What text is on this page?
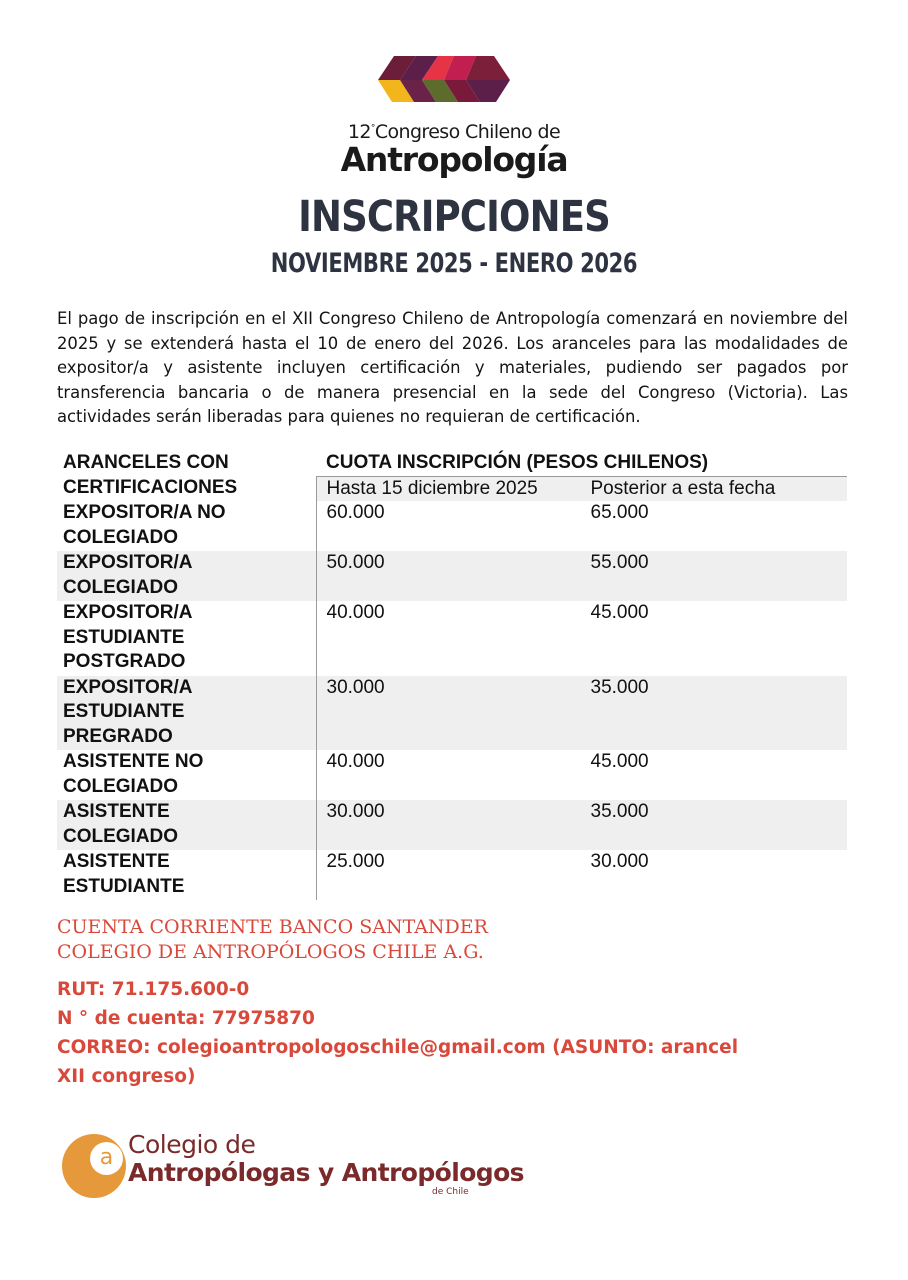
12°Congreso Chileno de
Antropología
INSCRIPCIONES
NOVIEMBRE 2025 - ENERO 2026
El pago de inscripción en el XII Congreso Chileno de Antropología comenzará en noviembre del 2025 y se extenderá hasta el 10 de enero del 2026. Los aranceles para las modalidades de expositor/a y asistente incluyen certificación y materiales, pudiendo ser pagados por transferencia bancaria o de manera presencial en la sede del Congreso (Victoria). Las actividades serán liberadas para quienes no requieran de certificación.
ARANCELES CON	CUOTA INSCRIPCIÓN (PESOS CHILENOS)	
CERTIFICACIONES	Hasta 15 diciembre 2025	Posterior a esta fecha
EXPOSITOR/A NO
COLEGIADO	60.000	65.000
EXPOSITOR/A
COLEGIADO	50.000	55.000
EXPOSITOR/A
ESTUDIANTE
POSTGRADO	40.000	45.000
EXPOSITOR/A
ESTUDIANTE
PREGRADO	30.000	35.000
ASISTENTE NO
COLEGIADO	40.000	45.000
ASISTENTE
COLEGIADO	30.000	35.000
ASISTENTE
ESTUDIANTE	25.000	30.000
CUENTA CORRIENTE BANCO SANTANDER
COLEGIO DE ANTROPÓLOGOS CHILE A.G.
RUT: 71.175.600-0
N ° de cuenta: 77975870
CORREO: colegioantropologoschile@gmail.com (ASUNTO: arancel
XII congreso)
a Colegio de
Antropólogas y Antropólogos
de Chile
